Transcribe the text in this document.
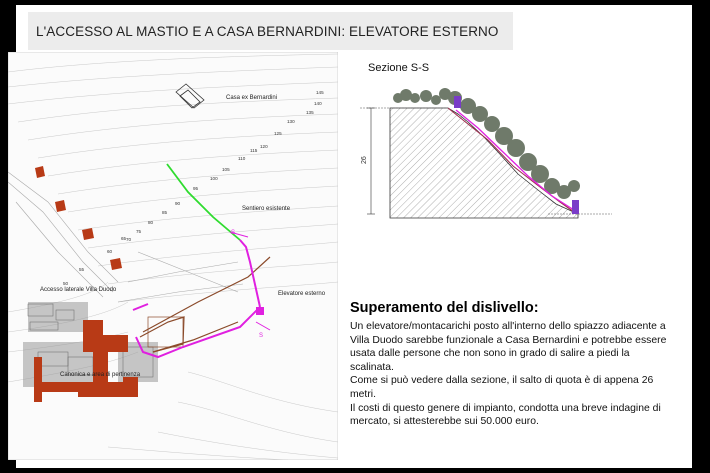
L'ACCESSO AL MASTIO E A CASA BERNARDINI: ELEVATORE ESTERNO
S
S
Casa ex Bernardini
Sentiero esistente
Elevatore esterno
Accesso laterale Villa Duodo
Canonica e area di pertinenza
145
140
135
130
125
120
115
110
105
100
95
90
85
80
75
70
65
60
55
50
Sezione S-S
26
Superamento del dislivello:

Un elevatore/montacarichi posto all'interno dello spiazzo adiacente a Villa Duodo sarebbe funzionale a Casa Bernardini e potrebbe essere usata dalle persone che non sono in grado di salire a piedi la scalinata.

Come si può vedere dalla sezione, il salto di quota è di appena 26 metri.

Il costi di questo genere di impianto, condotta una breve indagine di mercato, si attesterebbe sui 50.000 euro.
